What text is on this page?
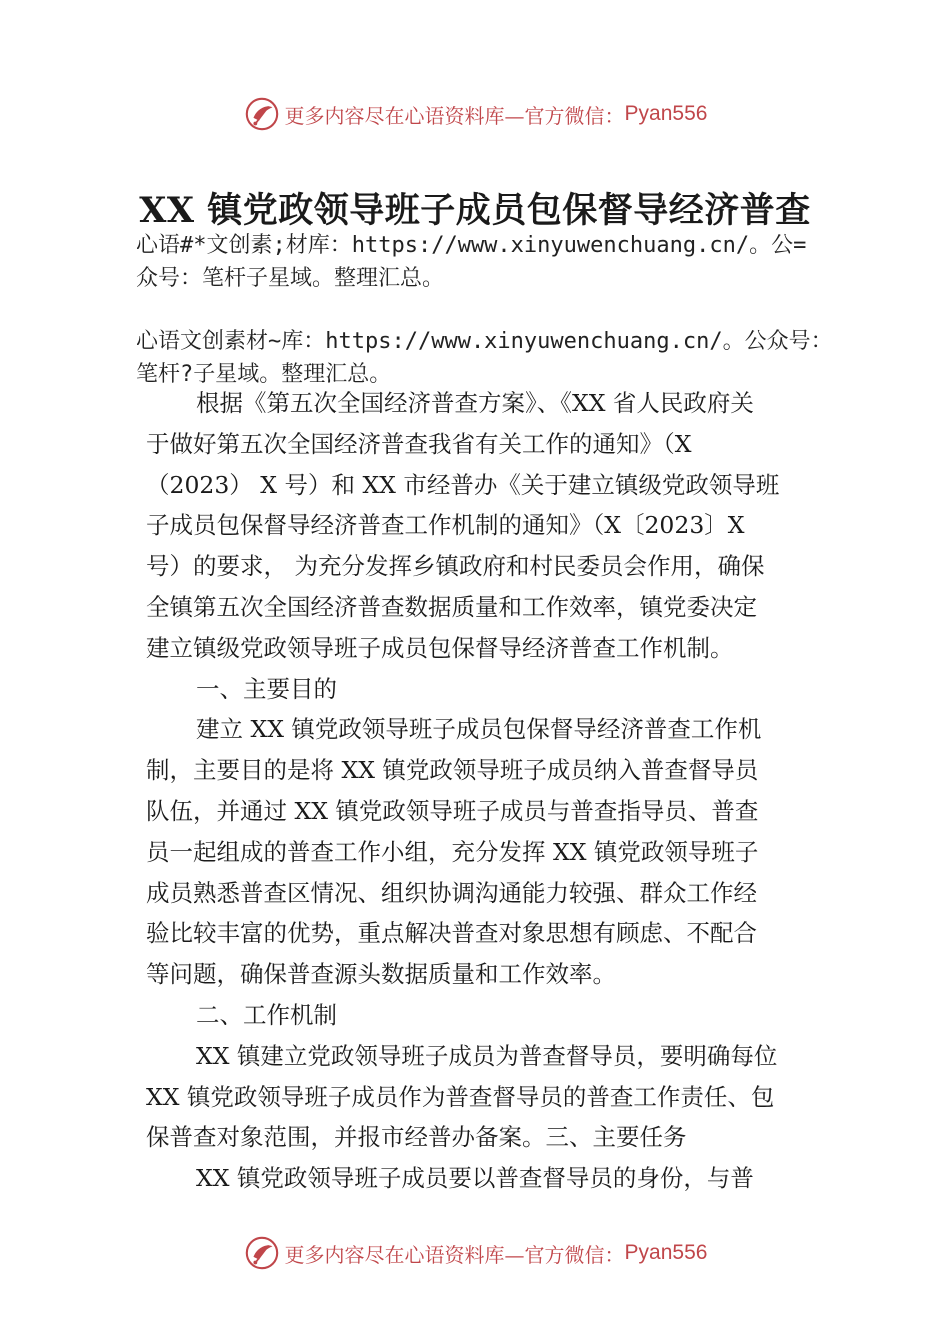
更多内容尽在心语资料库—官方微信： Pyan556
XX 镇党政领导班子成员包保督导经济普查
心语#*文创素;材库：https://www.xinyuwenchuang.cn/。公=
众号：笔杆子星域。整理汇总。
心语文创素材~库：https://www.xinyuwenchuang.cn/。公众号：
笔杆?子星域。整理汇总。
根据《第五次全国经济普查方案》、《XX 省人民政府关
于做好第五次全国经济普查我省有关工作的通知》（X
（2023） X 号）和 XX 市经普办《关于建立镇级党政领导班
子成员包保督导经济普查工作机制的通知》（X〔2023〕X
号）的要求， 为充分发挥乡镇政府和村民委员会作用，确保
全镇第五次全国经济普查数据质量和工作效率，镇党委决定
建立镇级党政领导班子成员包保督导经济普查工作机制。
一、主要目的
建立 XX 镇党政领导班子成员包保督导经济普查工作机
制，主要目的是将 XX 镇党政领导班子成员纳入普查督导员
队伍，并通过 XX 镇党政领导班子成员与普查指导员、普查
员一起组成的普查工作小组，充分发挥 XX 镇党政领导班子
成员熟悉普查区情况、组织协调沟通能力较强、群众工作经
验比较丰富的优势，重点解决普查对象思想有顾虑、不配合
等问题，确保普查源头数据质量和工作效率。
二、工作机制
XX 镇建立党政领导班子成员为普查督导员，要明确每位
XX 镇党政领导班子成员作为普查督导员的普查工作责任、包
保普查对象范围，并报市经普办备案。三、主要任务
XX 镇党政领导班子成员要以普查督导员的身份，与普
更多内容尽在心语资料库—官方微信： Pyan556
